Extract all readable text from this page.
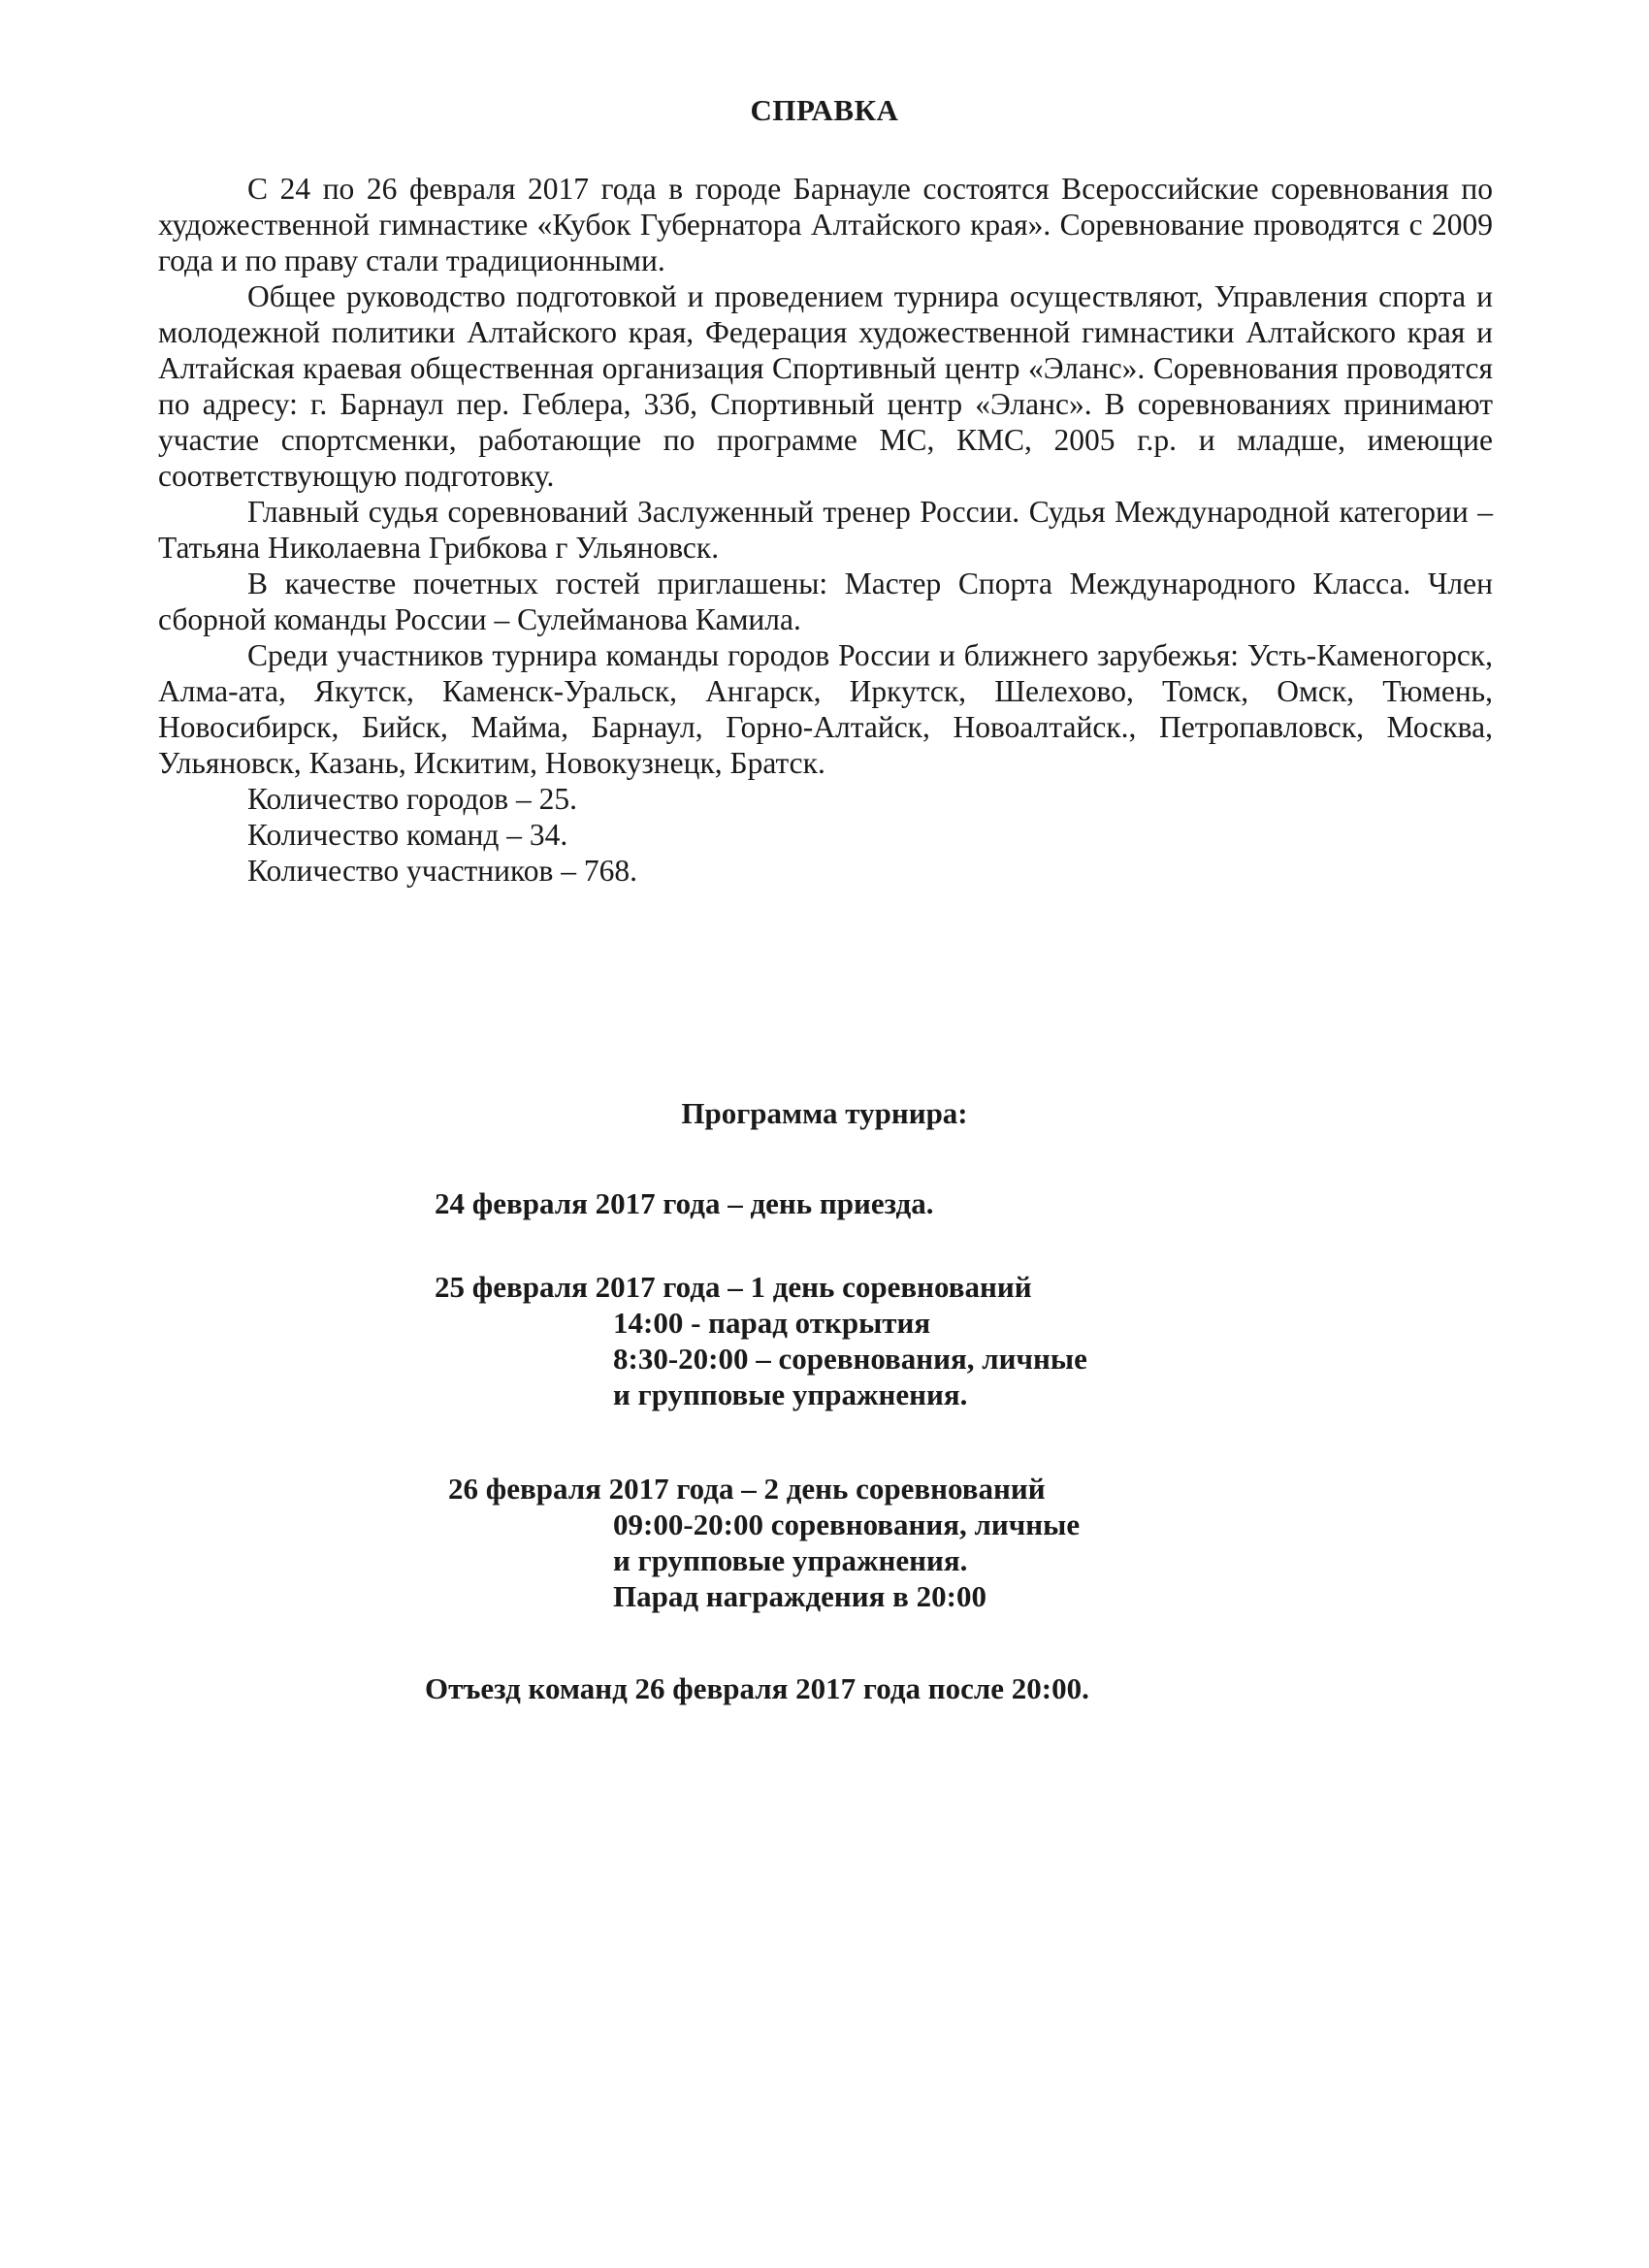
СПРАВКА

С 24 по 26 февраля 2017 года в городе Барнауле состоятся Всероссийские соревнования по художественной гимнастике «Кубок Губернатора Алтайского края». Соревнование проводятся с 2009 года и по праву стали традиционными.

Общее руководство подготовкой и проведением турнира осуществляют, Управления спорта и молодежной политики Алтайского края, Федерация художественной гимнастики Алтайского края и Алтайская краевая общественная организация Спортивный центр «Эланс». Соревнования проводятся по адресу: г. Барнаул пер. Геблера, 33б, Спортивный центр «Эланс». В соревнованиях принимают участие спортсменки, работающие по программе МС, КМС, 2005 г.р. и младше, имеющие соответствующую подготовку.

Главный судья соревнований Заслуженный тренер России. Судья Международной категории – Татьяна Николаевна Грибкова г Ульяновск.

В качестве почетных гостей приглашены: Мастер Спорта Международного Класса. Член сборной команды России – Сулейманова Камила.

Среди участников турнира команды городов России и ближнего зарубежья: Усть-Каменогорск, Алма-ата, Якутск, Каменск-Уральск, Ангарск, Иркутск, Шелехово, Томск, Омск, Тюмень, Новосибирск, Бийск, Майма, Барнаул, Горно-Алтайск, Новоалтайск., Петропавловск, Москва, Ульяновск, Казань, Искитим, Новокузнецк, Братск.

Количество городов – 25.
Количество команд – 34.
Количество участников – 768.
Программа турнира:
24 февраля 2017 года – день приезда.
25 февраля 2017 года – 1 день соревнований
14:00 - парад открытия
8:30-20:00 – соревнования, личные
и групповые упражнения.
26 февраля 2017 года – 2 день соревнований
09:00-20:00 соревнования, личные
и групповые упражнения.
Парад награждения в 20:00
Отъезд команд 26 февраля 2017 года после 20:00.
